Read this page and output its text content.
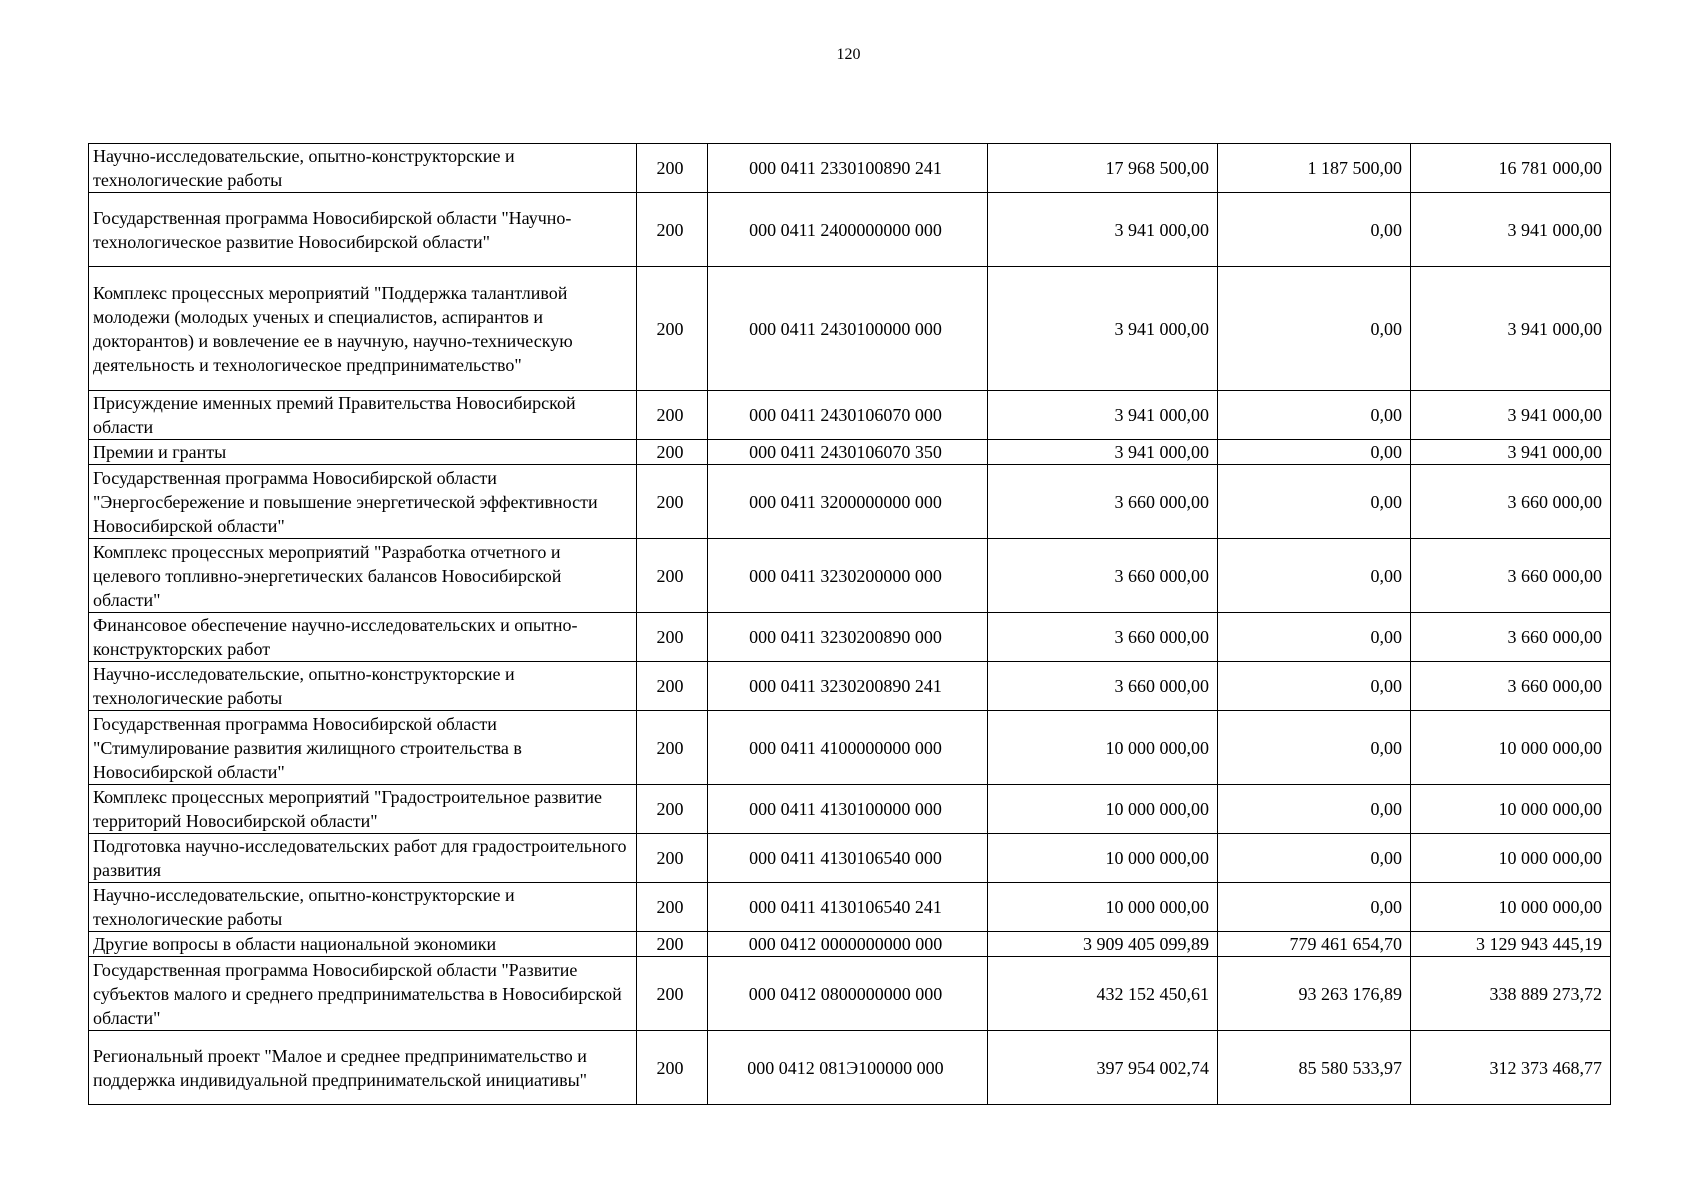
120
Научно-исследовательские, опытно-конструкторские и технологические работы	200	000 0411 2330100890 241	17 968 500,00	1 187 500,00	16 781 000,00
Государственная программа Новосибирской области "Научно-технологическое развитие Новосибирской области"	200	000 0411 2400000000 000	3 941 000,00	0,00	3 941 000,00
Комплекс процессных мероприятий "Поддержка талантливой молодежи (молодых ученых и специалистов, аспирантов и докторантов) и вовлечение ее в научную, научно-техническую деятельность и технологическое предпринимательство"	200	000 0411 2430100000 000	3 941 000,00	0,00	3 941 000,00
Присуждение именных премий Правительства Новосибирской области	200	000 0411 2430106070 000	3 941 000,00	0,00	3 941 000,00
Премии и гранты	200	000 0411 2430106070 350	3 941 000,00	0,00	3 941 000,00
Государственная программа Новосибирской области "Энергосбережение и повышение энергетической эффективности Новосибирской области"	200	000 0411 3200000000 000	3 660 000,00	0,00	3 660 000,00
Комплекс процессных мероприятий "Разработка отчетного и целевого топливно-энергетических балансов Новосибирской области"	200	000 0411 3230200000 000	3 660 000,00	0,00	3 660 000,00
Финансовое обеспечение научно-исследовательских и опытно-конструкторских работ	200	000 0411 3230200890 000	3 660 000,00	0,00	3 660 000,00
Научно-исследовательские, опытно-конструкторские и технологические работы	200	000 0411 3230200890 241	3 660 000,00	0,00	3 660 000,00
Государственная программа Новосибирской области "Стимулирование развития жилищного строительства в Новосибирской области"	200	000 0411 4100000000 000	10 000 000,00	0,00	10 000 000,00
Комплекс процессных мероприятий "Градостроительное развитие территорий Новосибирской области"	200	000 0411 4130100000 000	10 000 000,00	0,00	10 000 000,00
Подготовка научно-исследовательских работ для градостроительного развития	200	000 0411 4130106540 000	10 000 000,00	0,00	10 000 000,00
Научно-исследовательские, опытно-конструкторские и технологические работы	200	000 0411 4130106540 241	10 000 000,00	0,00	10 000 000,00
Другие вопросы в области национальной экономики	200	000 0412 0000000000 000	3 909 405 099,89	779 461 654,70	3 129 943 445,19
Государственная программа Новосибирской области "Развитие субъектов малого и среднего предпринимательства в Новосибирской области"	200	000 0412 0800000000 000	432 152 450,61	93 263 176,89	338 889 273,72
Региональный проект "Малое и среднее предпринимательство и поддержка индивидуальной предпринимательской инициативы"	200	000 0412 081Э100000 000	397 954 002,74	85 580 533,97	312 373 468,77
